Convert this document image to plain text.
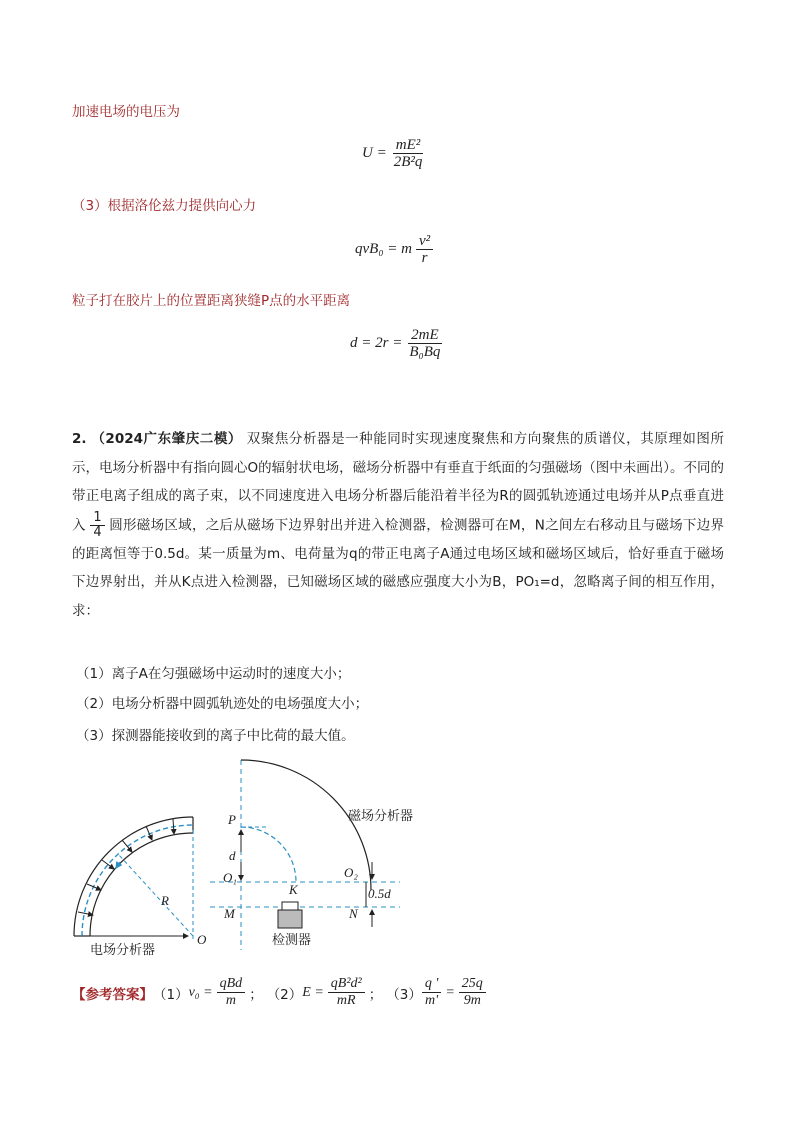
加速电场的电压为
$U = \frac{\text{mE²}}{\text{2B²q}}$
（3）根据洛伦兹力提供向心力
qvB₀ = m $\frac{\text{v²}}{r}$
粒子打在胶片上的位置距离狭缝P点的水平距离
$d = 2r = \frac{2mE}{\text{B₀Bq}}$
2. （2024广东肇庆二模） 双聚焦分析器是一种能同时实现速度聚焦和方向聚焦的质谱仪，其原理如图所示，电场分析器中有指向圆心O的辐射状电场，磁场分析器中有垂直于纸面的匀强磁场（图中未画出）。不同的带正电离子组成的离子束，以不同速度进入电场分析器后能沿着半径为R的圆弧轨迹通过电场并从P点垂直进入 $\frac{1}{4}$ 圆形磁场区域，之后从磁场下边界射出并进入检测器，检测器可在M，N之间左右移动且与磁场下边界的距离恒等于0.5d。某一质量为m、电荷量为q的带正电离子A通过电场区域和磁场区域后，恰好垂直于磁场下边界射出，并从K点进入检测器，已知磁场区域的磁感应强度大小为B，PO₁=d，忽略离子间的相互作用，求：
（1）离子A在匀强磁场中运动时的速度大小；
（2）电场分析器中圆弧轨迹处的电场强度大小；
（3）探测器能接收到的离子中比荷的最大值。
磁场分析器
电场分析器
检测器
P
d
O₁
K
O₂
0.5d
M	N
R
O
【参考答案】 （1） $v_0 = \frac{\text{qBd}}{m}$ ； （2） $E = \frac{\text{qB²d²}}{mR}$ ； $(3) \frac{q '}{m'} = \frac{25q}{9m}$
